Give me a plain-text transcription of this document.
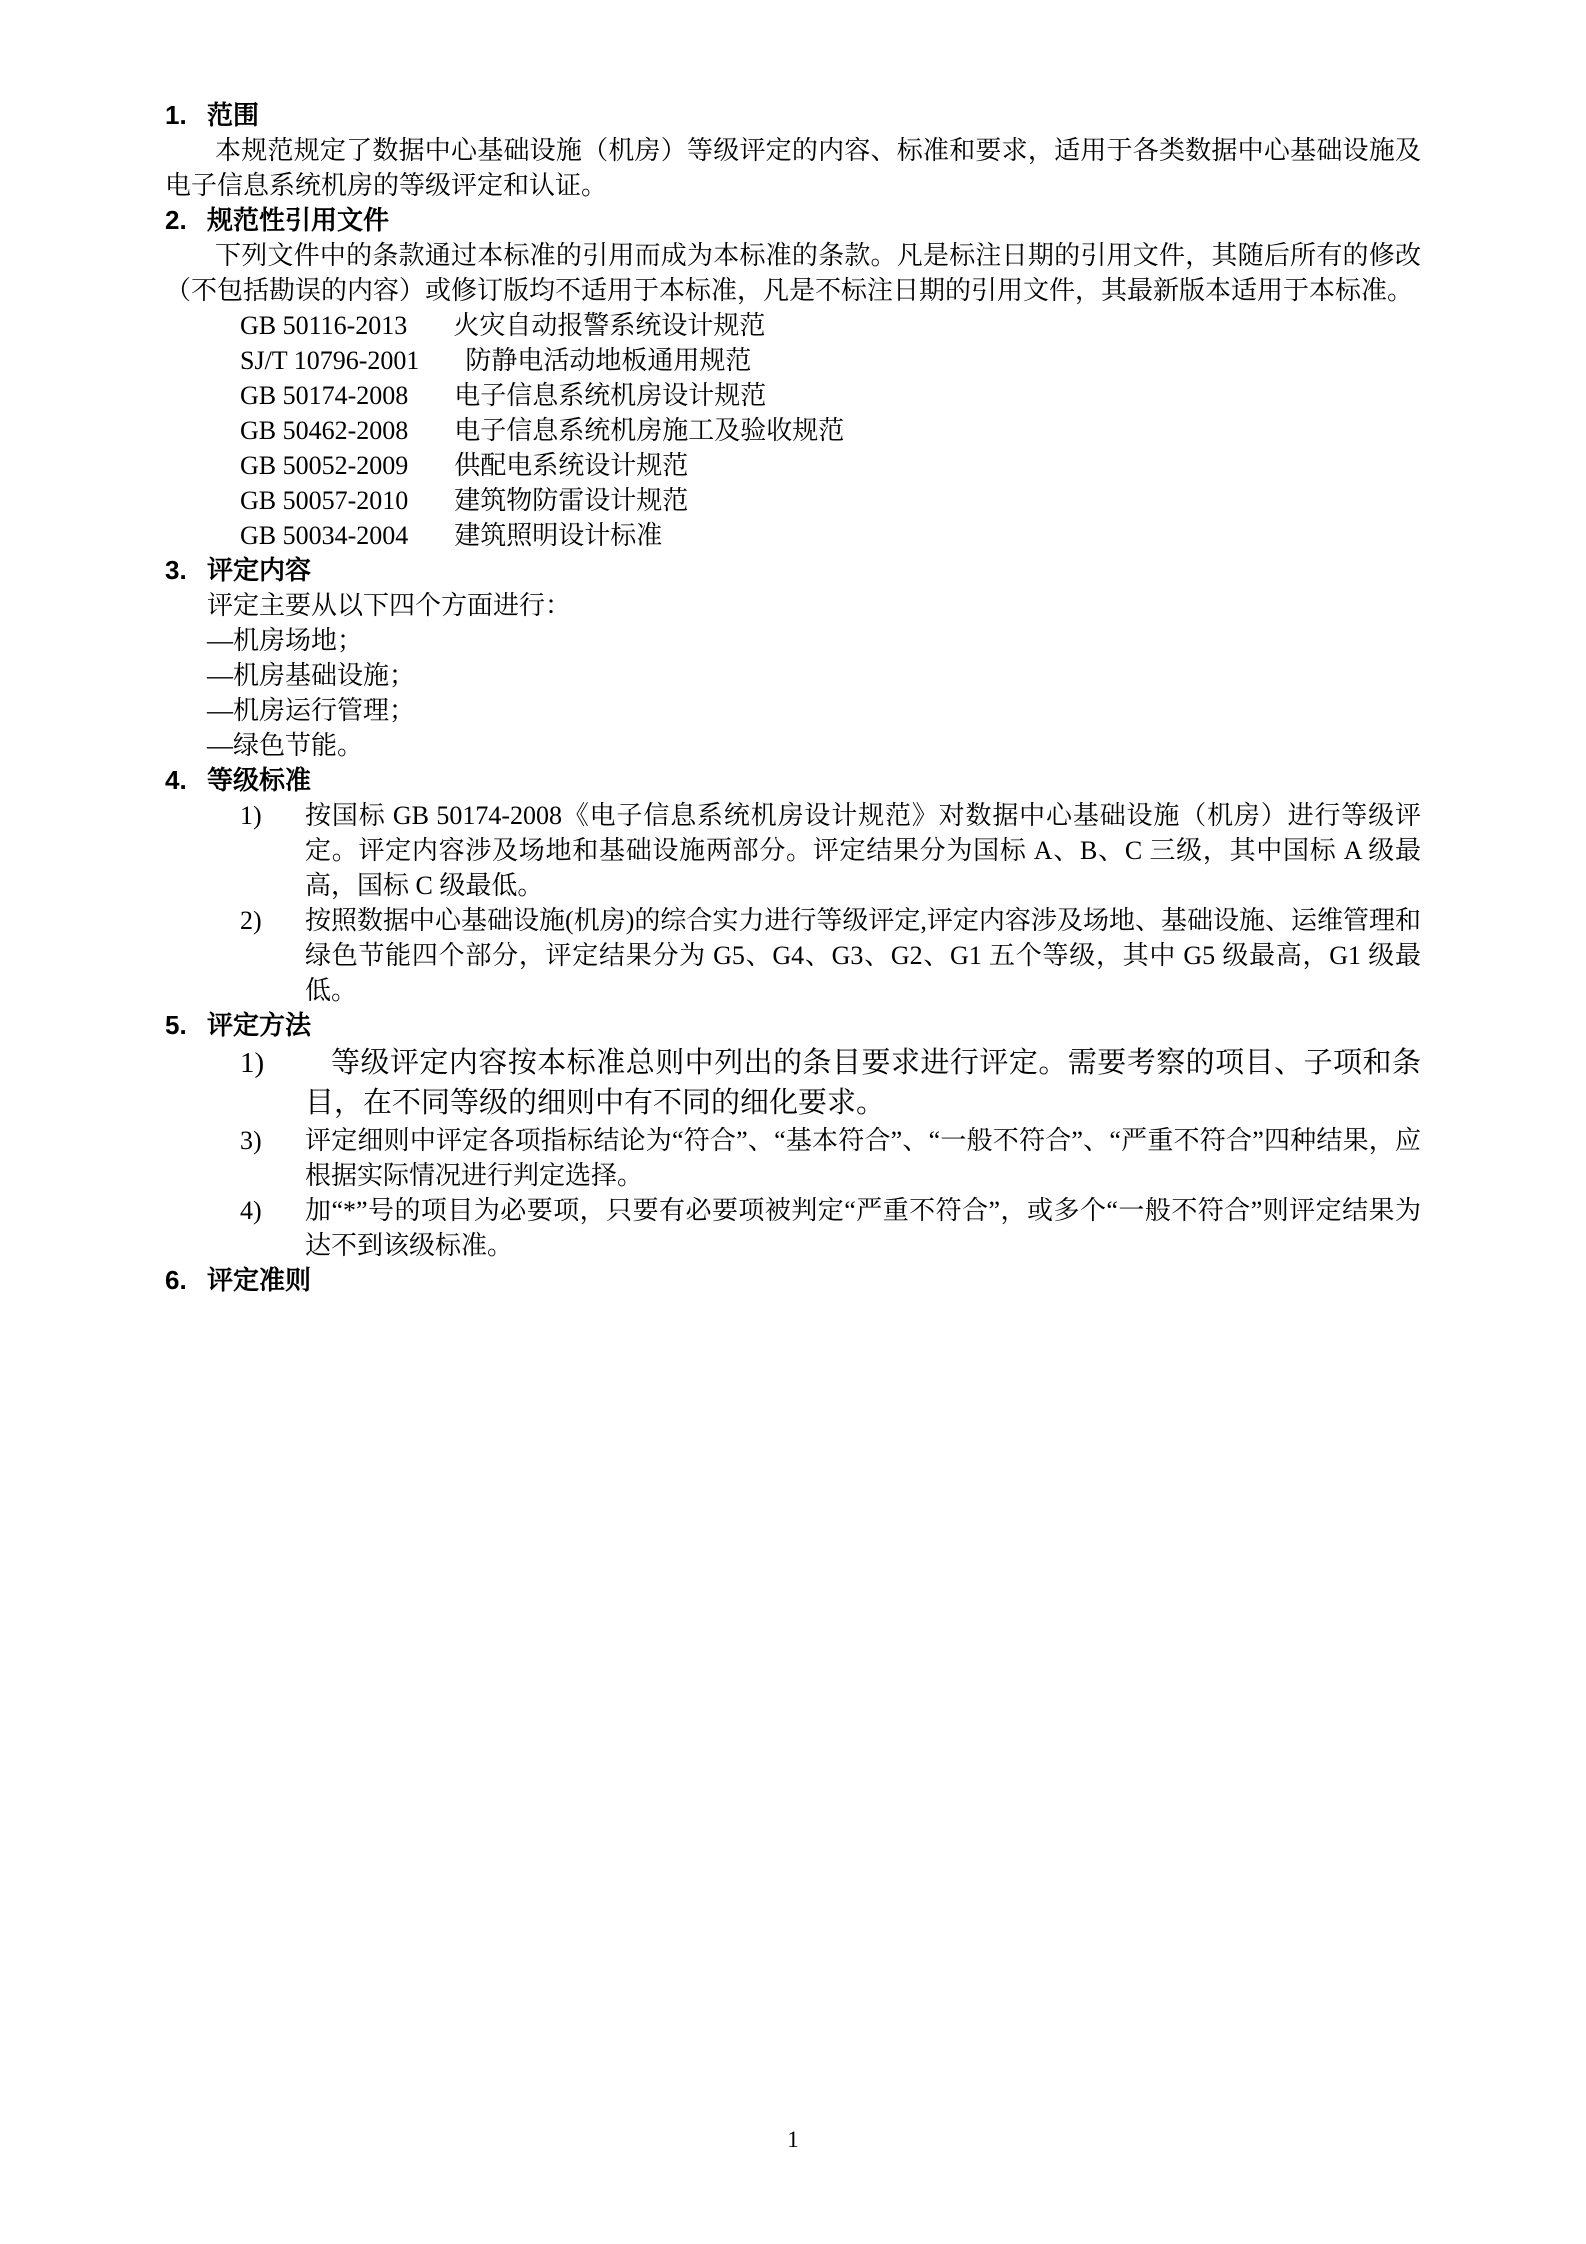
1. 范围
本规范规定了数据中心基础设施（机房）等级评定的内容、标准和要求，适用于各类数据中心基础设施及电子信息系统机房的等级评定和认证。
2. 规范性引用文件
下列文件中的条款通过本标准的引用而成为本标准的条款。凡是标注日期的引用文件，其随后所有的修改（不包括勘误的内容）或修订版均不适用于本标准，凡是不标注日期的引用文件，其最新版本适用于本标准。
GB 50116-2013 火灾自动报警系统设计规范
SJ/T 10796-2001 防静电活动地板通用规范
GB 50174-2008 电子信息系统机房设计规范
GB 50462-2008 电子信息系统机房施工及验收规范
GB 50052-2009 供配电系统设计规范
GB 50057-2010 建筑物防雷设计规范
GB 50034-2004 建筑照明设计标准
3. 评定内容
评定主要从以下四个方面进行：
—机房场地；
—机房基础设施；
—机房运行管理；
—绿色节能。
4. 等级标准
1) 按国标 GB 50174-2008《电子信息系统机房设计规范》对数据中心基础设施（机房）进行等级评定。评定内容涉及场地和基础设施两部分。评定结果分为国标 A、B、C 三级，其中国标 A 级最高，国标 C 级最低。
2) 按照数据中心基础设施(机房)的综合实力进行等级评定,评定内容涉及场地、基础设施、运维管理和绿色节能四个部分，评定结果分为 G5、G4、G3、G2、G1 五个等级，其中 G5 级最高，G1 级最低。
5. 评定方法
1)	等级评定内容按本标准总则中列出的条目要求进行评定。需要考察的项目、子项和条目，在不同等级的细则中有不同的细化要求。
3) 评定细则中评定各项指标结论为“符合”、“基本符合”、“一般不符合”、“严重不符合”四种结果，应根据实际情况进行判定选择。
4) 加“*”号的项目为必要项，只要有必要项被判定“严重不符合”，或多个“一般不符合”则评定结果为达不到该级标准。
6. 评定准则
1
